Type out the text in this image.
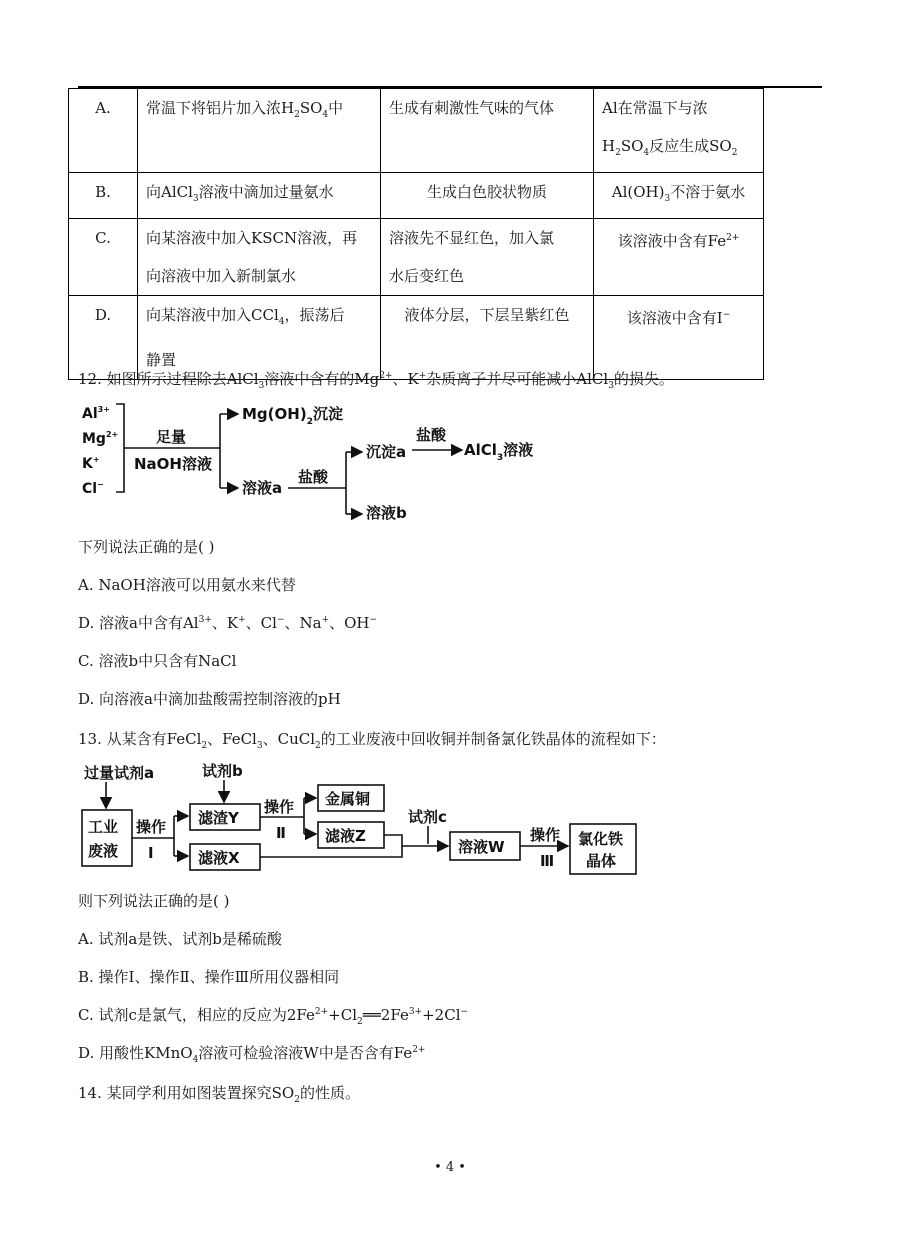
A.	常温下将铝片加入浓$H_2SO_4$中	生成有刺激性气味的气体	Al在常温下与浓
$H_2SO_4$反应生成$SO_2$
B.	向AlCl$_3$溶液中滴加过量氨水	生成白色胶状物质	$Al(OH)_3$不溶于氨水
C.	向某溶液中加入KSCN溶液，再
向溶液中加入新制氯水	溶液先不显红色，加入氯
水后变红色	该溶液中含有$Fe^{2+}$
D.	向某溶液中加入CCl$_4$，振荡后
静置	液体分层，下层呈紫红色	该溶液中含有I−
12. 如图所示过程除去AlCl$_3$溶液中含有的$Mg^{2+}$、K+杂质离子并尽可能减小AlCl$_3$的损失。
$Al^{3+}$
$Mg^{2+}$
K+
Cl−
足量
NaOH溶液
$Mg(OH)_2$沉淀
溶液a
盐酸
沉淀a
盐酸
AlCl$_3$溶液
溶液b
下列说法正确的是( )
A. NaOH溶液可以用氨水来代替
D. 溶液a中含有$Al^{3+}$、K+、Cl−、Na+、OH−
C. 溶液b中只含有NaCl
D. 向溶液a中滴加盐酸需控制溶液的pH
13. 从某含有FeCl$_2$、FeCl$_3$、CuCl$_2$的工业废液中回收铜并制备氯化铁晶体的流程如下：
过量试剂a
工业
废液
操作
Ⅰ
滤渣Y
滤液X
试剂b
操作
Ⅱ
金属铜
滤液Z
试剂c
溶液W
操作
Ⅲ
氯化铁
晶体
则下列说法正确的是( )
A. 试剂a是铁、试剂b是稀硫酸
B. 操作Ⅰ、操作Ⅱ、操作Ⅲ所用仪器相同
C. 试剂c是氯气，相应的反应为$2Fe^{2+}+Cl_2══2Fe^{3+}+2Cl^-$
D. 用酸性KMnO$_4$溶液可检验溶液W中是否含有$Fe^{2+}$
14. 某同学利用如图装置探究$SO_2$的性质。
• 4 •
